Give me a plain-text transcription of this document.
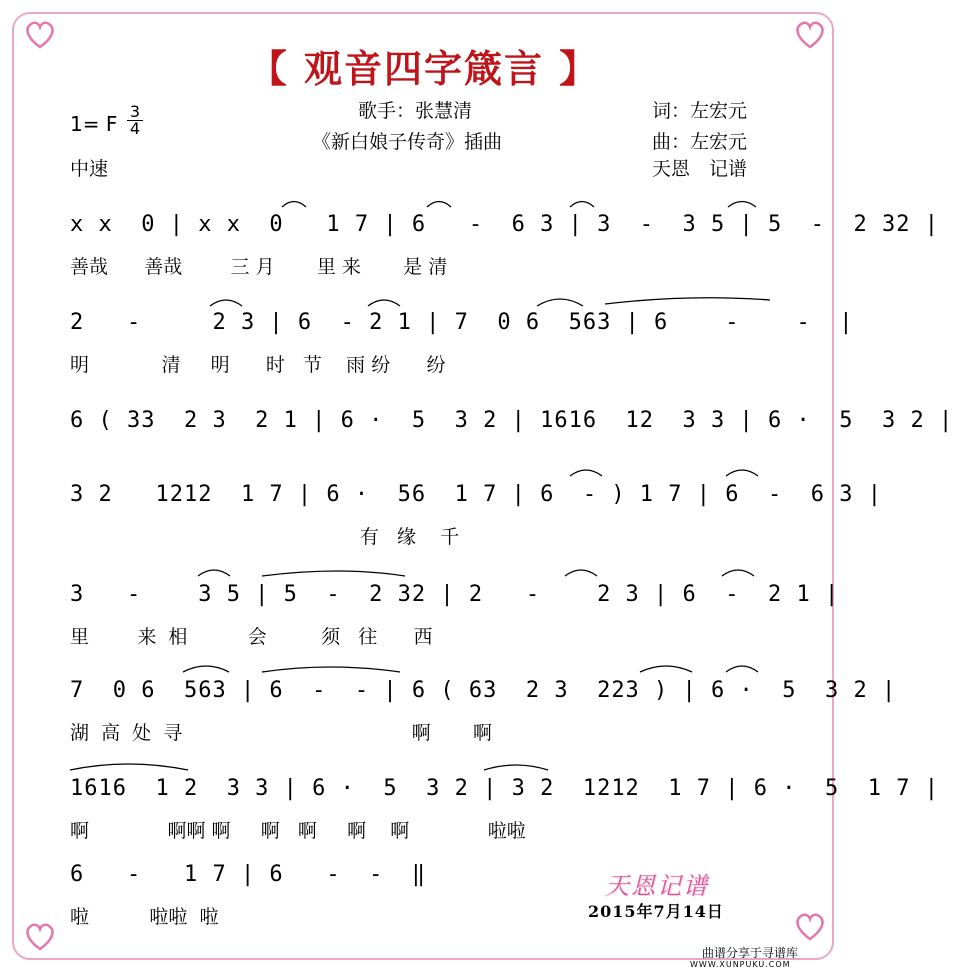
【 观音四字箴言 】
1= F $\frac{3}{4}$
中速
歌手：张慧清
《新白娘子传奇》插曲
词：左宏元
曲：左宏元
天恩　记谱
x x  0 | x x  0   1 7 | 6   -  6 3 | 3  -  3 5 | 5  -  2 32 |
善哉      善哉        三 月       里 来       是 清
2   -     2 3 | 6  - 2 1 | 7  0 6  563 | 6    -    -  |
明            清     明      时   节    雨 纷      纷
6 ( 33  2 3  2 1 | 6 ·  5  3 2 | 1616  12  3 3 | 6 ·  5  3 2 |
3 2   1212  1 7 | 6 ·  56  1 7 | 6  - ) 1 7 | 6  -  6 3 |
有   缘    千
3   -    3 5 | 5  -  2 32 | 2   -    2 3 | 6  -  2 1 |
里        来  相          会         须   往      西
7  0 6  563 | 6  -  - | 6 ( 63  2 3  223 ) | 6 ·  5  3 2 |
湖  高  处  寻                                      啊       啊
1616  1 2  3 3 | 6 ·  5  3 2 | 3 2  1212  1 7 | 6 ·  5  1 7 |
啊             啊啊 啊     啊   啊     啊    啊             啦啦
6   -   1 7 | 6   -  -  ‖
啦          啦啦  啦
天恩记谱
2015年7月14日
曲谱分享于寻谱库
WWW.XUNPUKU.COM
